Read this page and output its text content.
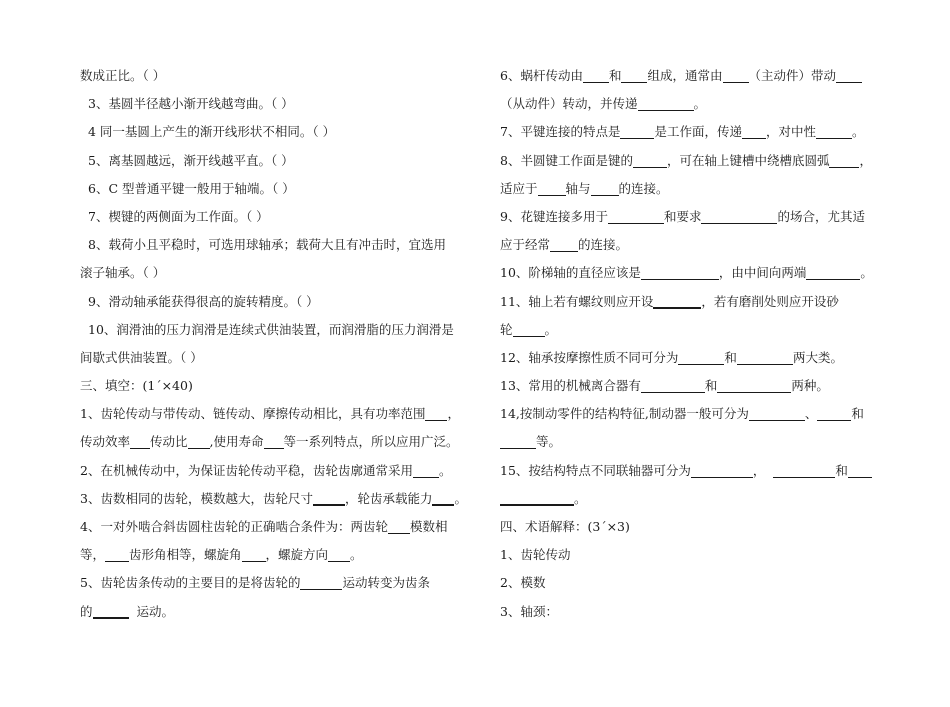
数成正比。（ ）
3、基圆半径越小渐开线越弯曲。（ ）
4 同一基圆上产生的渐开线形状不相同。（ ）
5、离基圆越远，渐开线越平直。（ ）
6、C 型普通平键一般用于轴端。（ ）
7、楔键的两侧面为工作面。（ ）
8、载荷小且平稳时，可选用球轴承；载荷大且有冲击时，宜选用
滚子轴承。（ ）
9、滑动轴承能获得很高的旋转精度。（ ）
10、润滑油的压力润滑是连续式供油装置，而润滑脂的压力润滑是
间歇式供油装置。（ ）
三、填空：(1ˊ×40)
1、齿轮传动与带传动、链传动、摩擦传动相比，具有功率范围 ，
传动效率 传动比 ,使用寿命 等一系列特点，所以应用广泛。
2、在机械传动中，为保证齿轮传动平稳，齿轮齿廓通常采用 。
3、齿数相同的齿轮，模数越大，齿轮尺寸	，轮齿承载能力 。
4、一对外啮合斜齿圆柱齿轮的正确啮合条件为：两齿轮 模数相
等， 齿形角相等，螺旋角 ，螺旋方向 。
5、齿轮齿条传动的主要目的是将齿轮的	运动转变为齿条
的	运动。
6、蜗杆传动由 和 组成，通常由 （主动件）带动
（从动件）转动，并传递	。
7、平键连接的特点是	是工作面，传递 ，对中性	。
8、半圆键工作面是键的	，可在轴上键槽中绕槽底圆弧 ，
适应于 轴与 的连接。
9、花键连接多用于	和要求	的场合，尤其适
应于经常 的连接。
10、阶梯轴的直径应该是	，由中间向两端	。
11、轴上若有螺纹则应开设	，若有磨削处则应开设砂
轮	。
12、轴承按摩擦性质不同可分为	和	两大类。
13、常用的机械离合器有	和	两种。
14,按制动零件的结构特征,制动器一般可分为	、	和
等。
15、按结构特点不同联轴器可分为	，	和
。
四、术语解释：(3ˊ×3)
1、齿轮传动
2、模数
3、轴颈：
